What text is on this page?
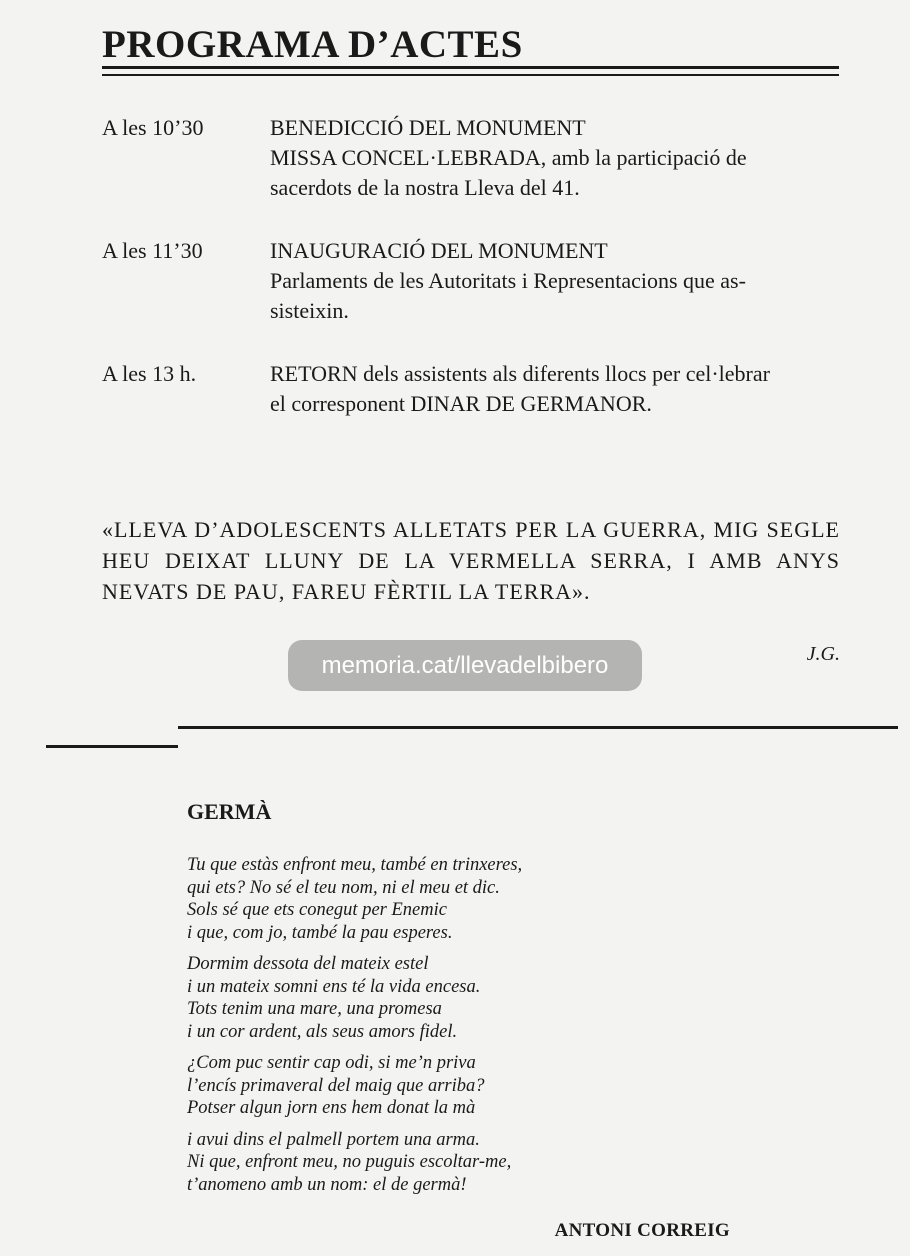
PROGRAMA D’ACTES
A les 10’30	BENEDICCIÓ DEL MONUMENT
MISSA CONCEL·LEBRADA, amb la participació de
sacerdots de la nostra Lleva del 41.
A les 11’30	INAUGURACIÓ DEL MONUMENT
Parlaments de les Autoritats i Representacions que as-
sisteixin.
A les 13 h.	RETORN dels assistents als diferents llocs per cel·lebrar
el corresponent DINAR DE GERMANOR.
«LLEVA D’ADOLESCENTS ALLETATS PER LA GUERRA, MIG SEGLE HEU DEIXAT LLUNY DE LA VERMELLA SERRA, I AMB ANYS NEVATS DE PAU, FAREU FÈRTIL LA TERRA».
J.G.
memoria.cat/llevadelbibero
GERMÀ
Tu que estàs enfront meu, també en trinxeres,
qui ets? No sé el teu nom, ni el meu et dic.
Sols sé que ets conegut per Enemic
i que, com jo, també la pau esperes.
Dormim dessota del mateix estel
i un mateix somni ens té la vida encesa.
Tots tenim una mare, una promesa
i un cor ardent, als seus amors fidel.
¿Com puc sentir cap odi, si me’n priva
l’encís primaveral del maig que arriba?
Potser algun jorn ens hem donat la mà
i avui dins el palmell portem una arma.
Ni que, enfront meu, no puguis escoltar-me,
t’anomeno amb un nom: el de germà!
ANTONI CORREIG
